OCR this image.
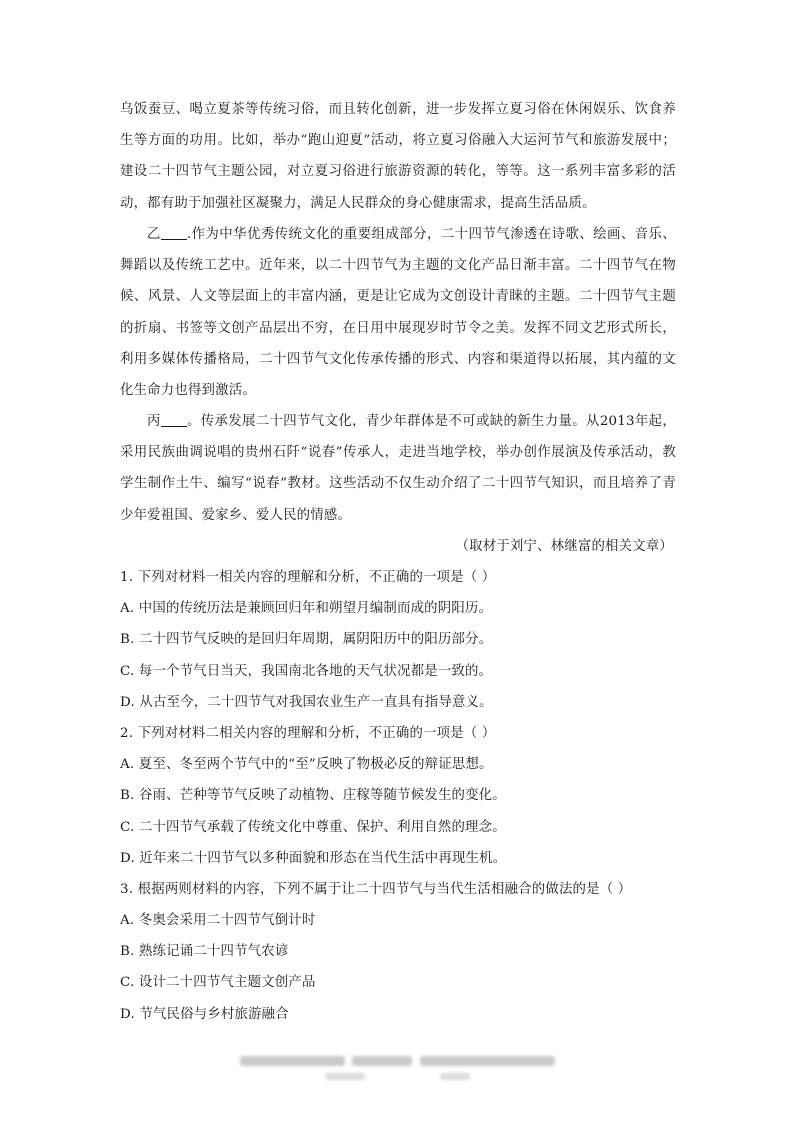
乌饭蚕豆、喝立夏茶等传统习俗，而且转化创新，进一步发挥立夏习俗在休闲娱乐、饮食养生等方面的功用。比如，举办“跑山迎夏”活动，将立夏习俗融入大运河节气和旅游发展中；建设二十四节气主题公园，对立夏习俗进行旅游资源的转化，等等。这一系列丰富多彩的活动，都有助于加强社区凝聚力，满足人民群众的身心健康需求，提高生活品质。
乙 .作为中华优秀传统文化的重要组成部分，二十四节气渗透在诗歌、绘画、音乐、舞蹈以及传统工艺中。近年来，以二十四节气为主题的文化产品日渐丰富。二十四节气在物候、风景、人文等层面上的丰富内涵，更是让它成为文创设计青睐的主题。二十四节气主题的折扇、书签等文创产品层出不穷，在日用中展现岁时节令之美。发挥不同文艺形式所长，利用多媒体传播格局，二十四节气文化传承传播的形式、内容和渠道得以拓展，其内蕴的文化生命力也得到激活。
丙 。传承发展二十四节气文化，青少年群体是不可或缺的新生力量。从2013年起，采用民族曲调说唱的贵州石阡“说春”传承人，走进当地学校，举办创作展演及传承活动，教学生制作土牛、编写“说春”教材。这些活动不仅生动介绍了二十四节气知识，而且培养了青少年爱祖国、爱家乡、爱人民的情感。
（取材于刘宁、林继富的相关文章）
1. 下列对材料一相关内容的理解和分析，不正确的一项是（ ）
A. 中国的传统历法是兼顾回归年和朔望月编制而成的阴阳历。
B. 二十四节气反映的是回归年周期，属阴阳历中的阳历部分。
C. 每一个节气日当天，我国南北各地的天气状况都是一致的。
D. 从古至今，二十四节气对我国农业生产一直具有指导意义。
2. 下列对材料二相关内容的理解和分析，不正确的一项是（ ）
A. 夏至、冬至两个节气中的“至”反映了物极必反的辩证思想。
B. 谷雨、芒种等节气反映了动植物、庄稼等随节候发生的变化。
C. 二十四节气承载了传统文化中尊重、保护、利用自然的理念。
D. 近年来二十四节气以多种面貌和形态在当代生活中再现生机。
3. 根据两则材料的内容，下列不属于让二十四节气与当代生活相融合的做法的是（ ）
A. 冬奥会采用二十四节气倒计时
B. 熟练记诵二十四节气农谚
C. 设计二十四节气主题文创产品
D. 节气民俗与乡村旅游融合
